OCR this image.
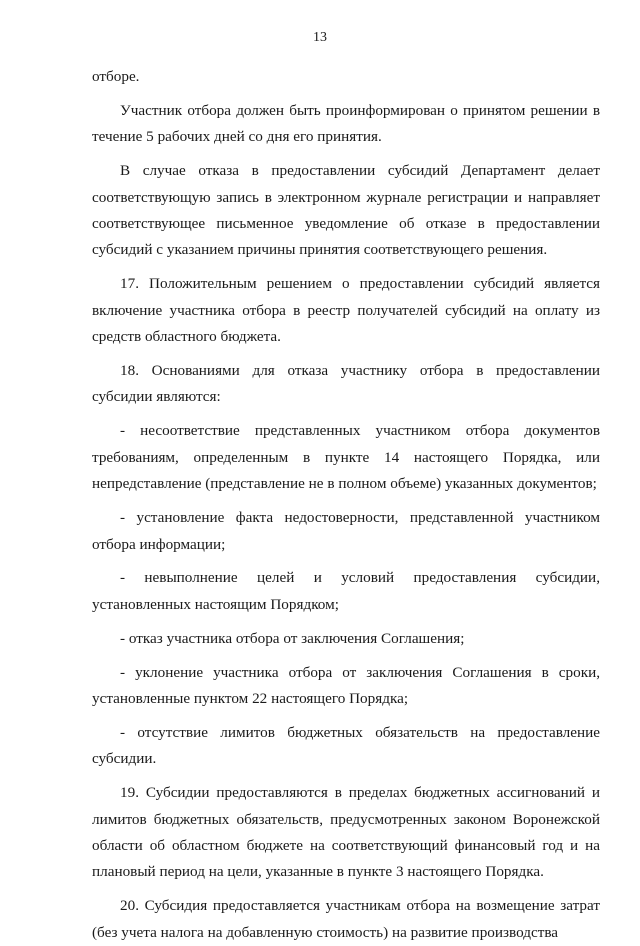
13

отборе.

Участник отбора должен быть проинформирован о принятом решении в течение 5 рабочих дней со дня его принятия.

В случае отказа в предоставлении субсидий Департамент делает соответствующую запись в электронном журнале регистрации и направляет соответствующее письменное уведомление об отказе в предоставлении субсидий с указанием причины принятия соответствующего решения.

17. Положительным решением о предоставлении субсидий является включение участника отбора в реестр получателей субсидий на оплату из средств областного бюджета.

18. Основаниями для отказа участнику отбора в предоставлении субсидии являются:

- несоответствие представленных участником отбора документов требованиям, определенным в пункте 14 настоящего Порядка, или непредставление (представление не в полном объеме) указанных документов;

- установление факта недостоверности, представленной участником отбора информации;

- невыполнение целей и условий предоставления субсидии, установленных настоящим Порядком;

- отказ участника отбора от заключения Соглашения;

- уклонение участника отбора от заключения Соглашения в сроки, установленные пунктом 22 настоящего Порядка;

- отсутствие лимитов бюджетных обязательств на предоставление субсидии.

19. Субсидии предоставляются в пределах бюджетных ассигнований и лимитов бюджетных обязательств, предусмотренных законом Воронежской области об областном бюджете на соответствующий финансовый год и на плановый период на цели, указанные в пункте 3 настоящего Порядка.

20. Субсидия предоставляется участникам отбора на возмещение затрат (без учета налога на добавленную стоимость) на развитие производства
